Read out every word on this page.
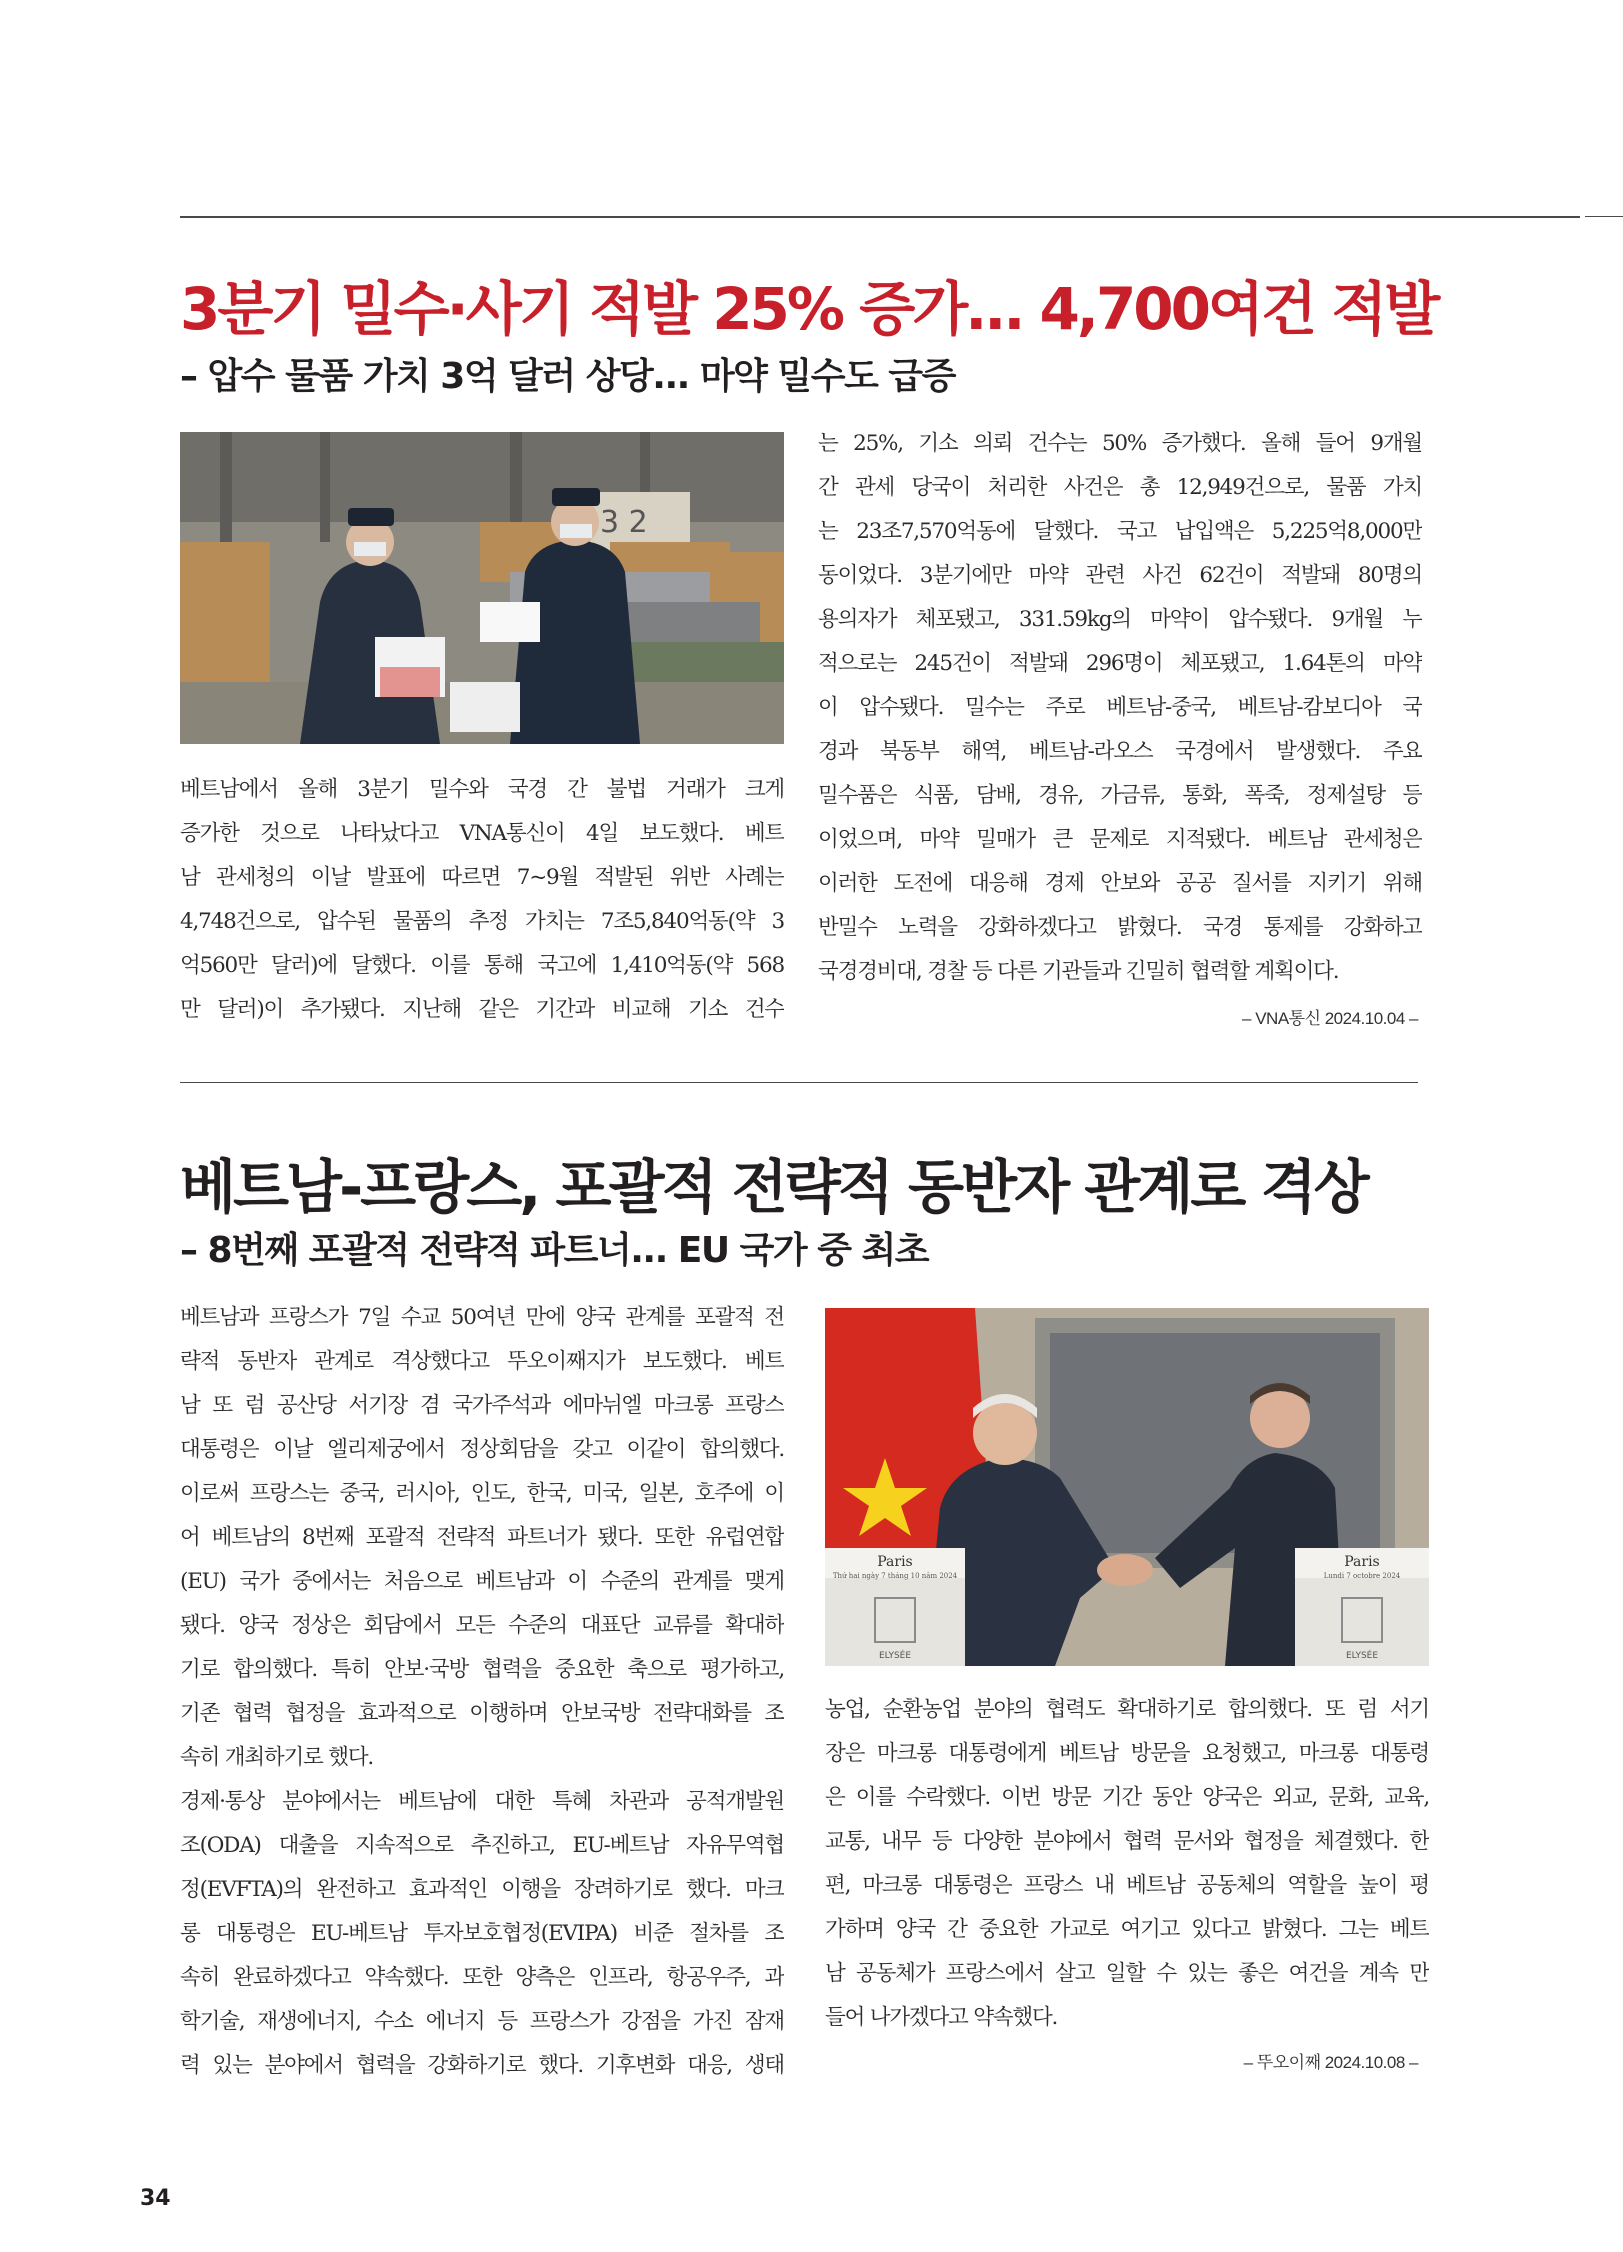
3분기 밀수·사기 적발 25% 증가... 4,700여건 적발
– 압수 물품 가치 3억 달러 상당... 마약 밀수도 급증
3 2
베트남에서 올해 3분기 밀수와 국경 간 불법 거래가 크게
증가한 것으로 나타났다고 VNA통신이 4일 보도했다. 베트
남 관세청의 이날 발표에 따르면 7~9월 적발된 위반 사례는
4,748건으로, 압수된 물품의 추정 가치는 7조5,840억동(약 3
억560만 달러)에 달했다. 이를 통해 국고에 1,410억동(약 568
만 달러)이 추가됐다. 지난해 같은 기간과 비교해 기소 건수
는 25%, 기소 의뢰 건수는 50% 증가했다. 올해 들어 9개월
간 관세 당국이 처리한 사건은 총 12,949건으로, 물품 가치
는 23조7,570억동에 달했다. 국고 납입액은 5,225억8,000만
동이었다. 3분기에만 마약 관련 사건 62건이 적발돼 80명의
용의자가 체포됐고, 331.59kg의 마약이 압수됐다. 9개월 누
적으로는 245건이 적발돼 296명이 체포됐고, 1.64톤의 마약
이 압수됐다. 밀수는 주로 베트남-중국, 베트남-캄보디아 국
경과 북동부 해역, 베트남-라오스 국경에서 발생했다. 주요
밀수품은 식품, 담배, 경유, 가금류, 통화, 폭죽, 정제설탕 등
이었으며, 마약 밀매가 큰 문제로 지적됐다. 베트남 관세청은
이러한 도전에 대응해 경제 안보와 공공 질서를 지키기 위해
반밀수 노력을 강화하겠다고 밝혔다. 국경 통제를 강화하고
국경경비대, 경찰 등 다른 기관들과 긴밀히 협력할 계획이다.

– VNA통신 2024.10.04 –

베트남-프랑스, 포괄적 전략적 동반자 관계로 격상
– 8번째 포괄적 전략적 파트너... EU 국가 중 최초
베트남과 프랑스가 7일 수교 50여년 만에 양국 관계를 포괄적 전
략적 동반자 관계로 격상했다고 뚜오이째지가 보도했다. 베트
남 또 럼 공산당 서기장 겸 국가주석과 에마뉘엘 마크롱 프랑스
대통령은 이날 엘리제궁에서 정상회담을 갖고 이같이 합의했다.
이로써 프랑스는 중국, 러시아, 인도, 한국, 미국, 일본, 호주에 이
어 베트남의 8번째 포괄적 전략적 파트너가 됐다. 또한 유럽연합
(EU) 국가 중에서는 처음으로 베트남과 이 수준의 관계를 맺게
됐다. 양국 정상은 회담에서 모든 수준의 대표단 교류를 확대하
기로 합의했다. 특히 안보·국방 협력을 중요한 축으로 평가하고,
기존 협력 협정을 효과적으로 이행하며 안보국방 전략대화를 조
속히 개최하기로 했다.
경제·통상 분야에서는 베트남에 대한 특혜 차관과 공적개발원
조(ODA) 대출을 지속적으로 추진하고, EU-베트남 자유무역협
정(EVFTA)의 완전하고 효과적인 이행을 장려하기로 했다. 마크
롱 대통령은 EU-베트남 투자보호협정(EVIPA) 비준 절차를 조
속히 완료하겠다고 약속했다. 또한 양측은 인프라, 항공우주, 과
학기술, 재생에너지, 수소 에너지 등 프랑스가 강점을 가진 잠재
력 있는 분야에서 협력을 강화하기로 했다. 기후변화 대응, 생태
Paris
Thứ hai ngày 7 tháng 10 năm 2024
ELYSÉE
Paris
Lundi 7 octobre 2024
ELYSÉE
농업, 순환농업 분야의 협력도 확대하기로 합의했다. 또 럼 서기
장은 마크롱 대통령에게 베트남 방문을 요청했고, 마크롱 대통령
은 이를 수락했다. 이번 방문 기간 동안 양국은 외교, 문화, 교육,
교통, 내무 등 다양한 분야에서 협력 문서와 협정을 체결했다. 한
편, 마크롱 대통령은 프랑스 내 베트남 공동체의 역할을 높이 평
가하며 양국 간 중요한 가교로 여기고 있다고 밝혔다. 그는 베트
남 공동체가 프랑스에서 살고 일할 수 있는 좋은 여건을 계속 만
들어 나가겠다고 약속했다.

– 뚜오이째 2024.10.08 –

34
